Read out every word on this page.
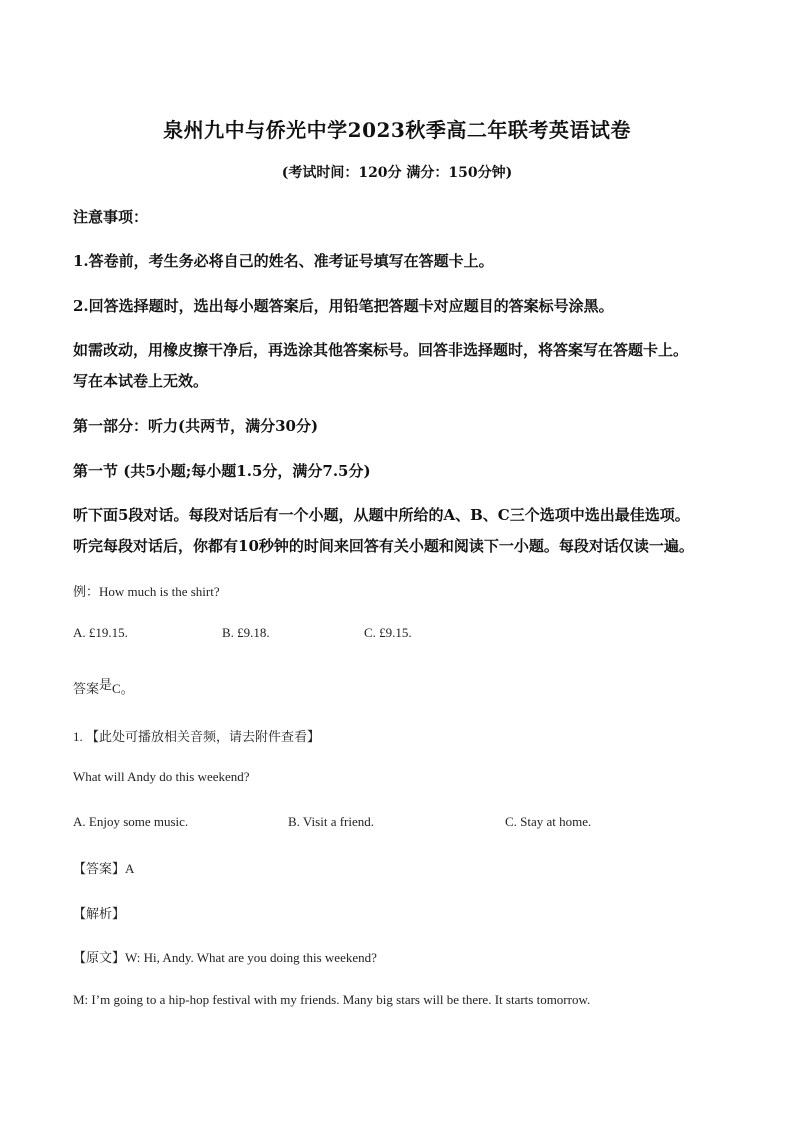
泉州九中与侨光中学2023秋季高二年联考英语试卷
(考试时间：120分 满分：150分钟)
注意事项：
1.答卷前，考生务必将自己的姓名、准考证号填写在答题卡上。
2.回答选择题时，选出每小题答案后，用铅笔把答题卡对应题目的答案标号涂黑。
如需改动，用橡皮擦干净后，再选涂其他答案标号。回答非选择题时，将答案写在答题卡上。
写在本试卷上无效。
第一部分：听力(共两节，满分30分)
第一节 (共5小题;每小题1.5分，满分7.5分)
听下面5段对话。每段对话后有一个小题，从题中所给的A、B、C三个选项中选出最佳选项。
听完每段对话后，你都有10秒钟的时间来回答有关小题和阅读下一小题。每段对话仅读一遍。
例：How much is the shirt?
A. £19.15.	B. £9.18.	C. £9.15.
答案是C。
1. 【此处可播放相关音频，请去附件查看】
What will Andy do this weekend?
A. Enjoy some music.	B. Visit a friend.	C. Stay at home.
【答案】A
【解析】
【原文】W: Hi, Andy. What are you doing this weekend?
M: I’m going to a hip-hop festival with my friends. Many big stars will be there. It starts tomorrow.
